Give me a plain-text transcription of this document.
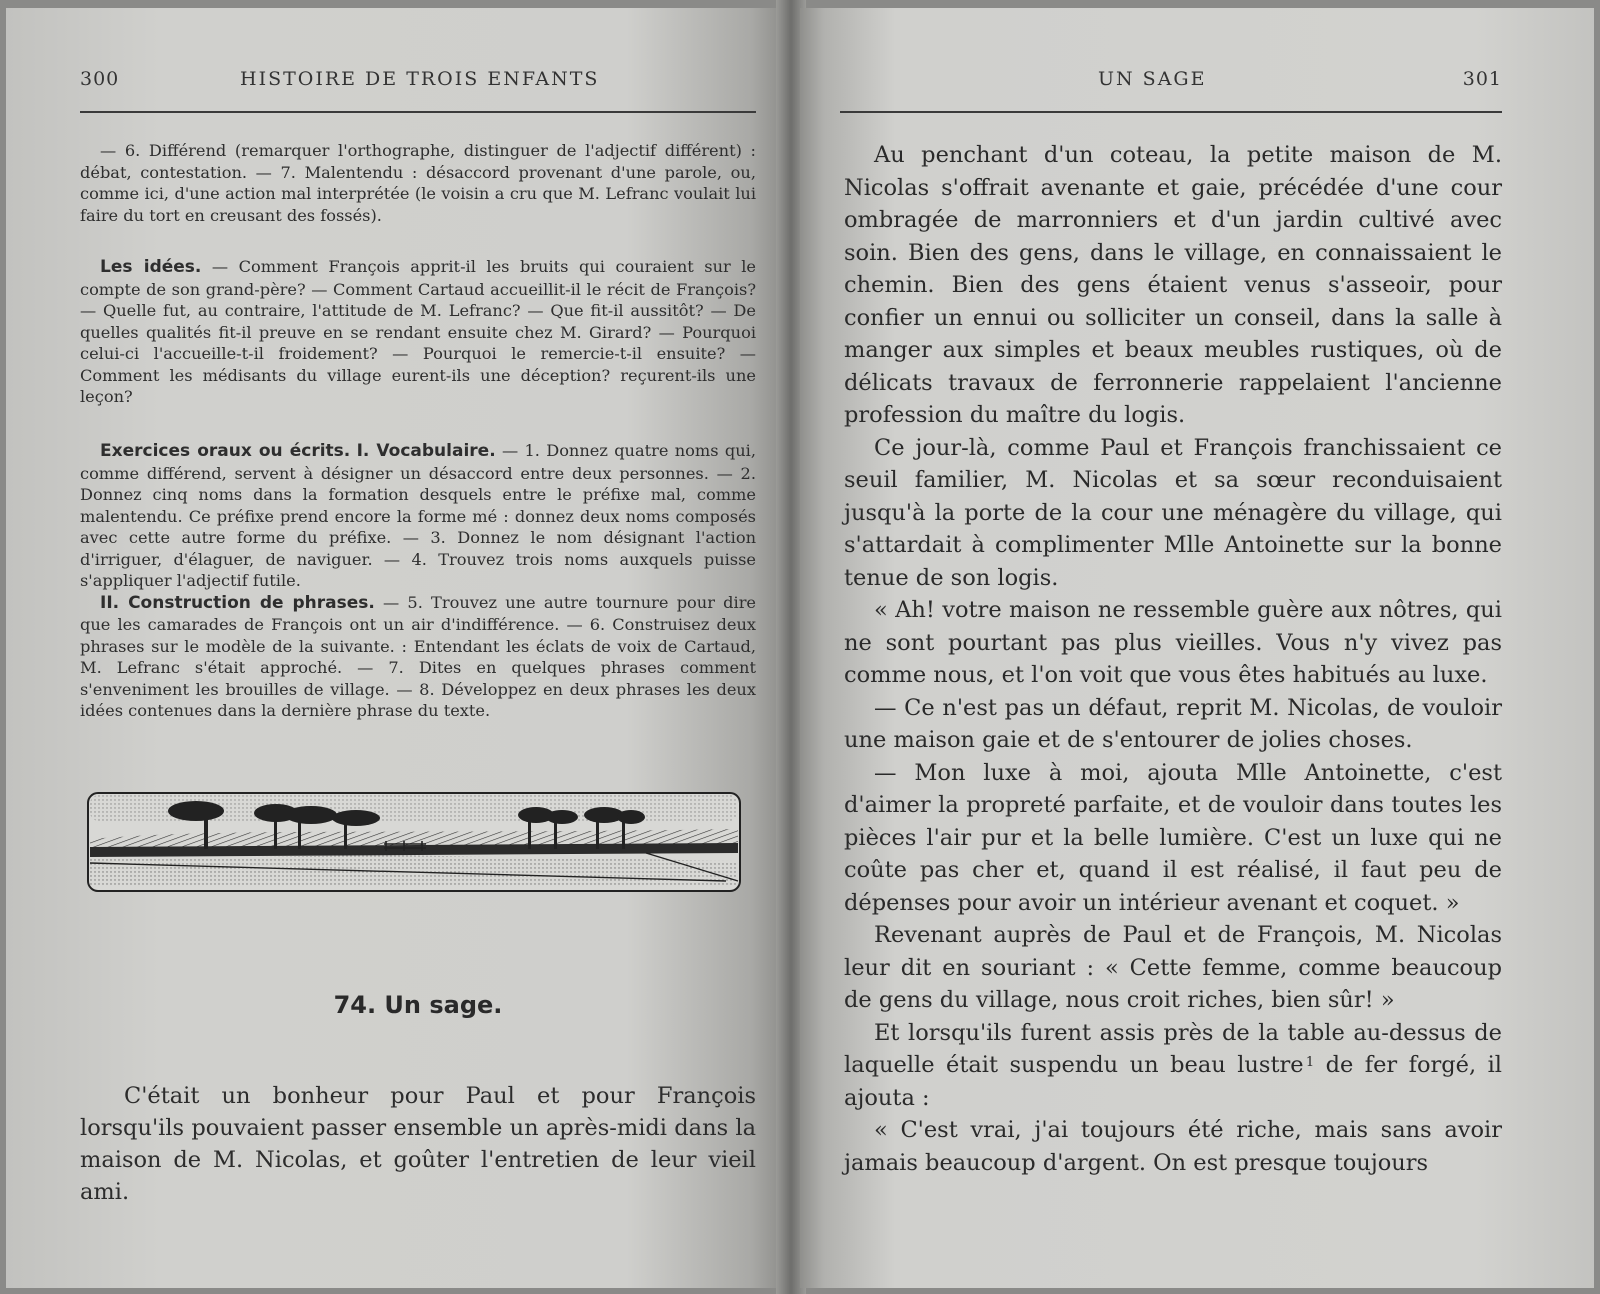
300	HISTOIRE DE TROIS ENFANTS

— 6. Différend (remarquer l'orthographe, distinguer de l'adjectif différent) : débat, contestation. — 7. Malentendu : désaccord provenant d'une parole, ou, comme ici, d'une action mal interprétée (le voisin a cru que M. Lefranc voulait lui faire du tort en creusant des fossés).

Les idées. — Comment François apprit-il les bruits qui couraient sur le compte de son grand-père? — Comment Cartaud accueillit-il le récit de François? — Quelle fut, au contraire, l'attitude de M. Lefranc? — Que fit-il aussitôt? — De quelles qualités fit-il preuve en se rendant ensuite chez M. Girard? — Pourquoi celui-ci l'accueille-t-il froidement? — Pourquoi le remercie-t-il ensuite? — Comment les médisants du village eurent-ils une déception? reçurent-ils une leçon?

Exercices oraux ou écrits. I. Vocabulaire. — 1. Donnez quatre noms qui, comme différend, servent à désigner un désaccord entre deux personnes. — 2. Donnez cinq noms dans la formation desquels entre le préfixe mal, comme malentendu. Ce préfixe prend encore la forme mé : donnez deux noms composés avec cette autre forme du préfixe. — 3. Donnez le nom désignant l'action d'irriguer, d'élaguer, de naviguer. — 4. Trouvez trois noms auxquels puisse s'appliquer l'adjectif futile.

II. Construction de phrases. — 5. Trouvez une autre tournure pour dire que les camarades de François ont un air d'indifférence. — 6. Construisez deux phrases sur le modèle de la suivante. : Entendant les éclats de voix de Cartaud, M. Lefranc s'était approché. — 7. Dites en quelques phrases comment s'enveniment les brouilles de village. — 8. Développez en deux phrases les deux idées contenues dans la dernière phrase du texte.

74. Un sage.

C'était un bonheur pour Paul et pour François lorsqu'ils pouvaient passer ensemble un après-midi dans la maison de M. Nicolas, et goûter l'entretien de leur vieil ami.

UN SAGE	301

Au penchant d'un coteau, la petite maison de M. Nicolas s'offrait avenante et gaie, précédée d'une cour ombragée de marronniers et d'un jardin cultivé avec soin. Bien des gens, dans le village, en connaissaient le chemin. Bien des gens étaient venus s'asseoir, pour confier un ennui ou solliciter un conseil, dans la salle à manger aux simples et beaux meubles rustiques, où de délicats travaux de ferronnerie rappelaient l'ancienne profession du maître du logis.

Ce jour-là, comme Paul et François franchissaient ce seuil familier, M. Nicolas et sa sœur reconduisaient jusqu'à la porte de la cour une ménagère du village, qui s'attardait à complimenter Mlle Antoinette sur la bonne tenue de son logis.

« Ah! votre maison ne ressemble guère aux nôtres, qui ne sont pourtant pas plus vieilles. Vous n'y vivez pas comme nous, et l'on voit que vous êtes habitués au luxe.

— Ce n'est pas un défaut, reprit M. Nicolas, de vouloir une maison gaie et de s'entourer de jolies choses.

— Mon luxe à moi, ajouta Mlle Antoinette, c'est d'aimer la propreté parfaite, et de vouloir dans toutes les pièces l'air pur et la belle lumière. C'est un luxe qui ne coûte pas cher et, quand il est réalisé, il faut peu de dépenses pour avoir un intérieur avenant et coquet. »

Revenant auprès de Paul et de François, M. Nicolas leur dit en souriant : « Cette femme, comme beaucoup de gens du village, nous croit riches, bien sûr! »

Et lorsqu'ils furent assis près de la table au-dessus de laquelle était suspendu un beau lustre  $^1$ de fer forgé, il ajouta :

« C'est vrai, j'ai toujours été riche, mais sans avoir jamais beaucoup d'argent. On est presque toujours
